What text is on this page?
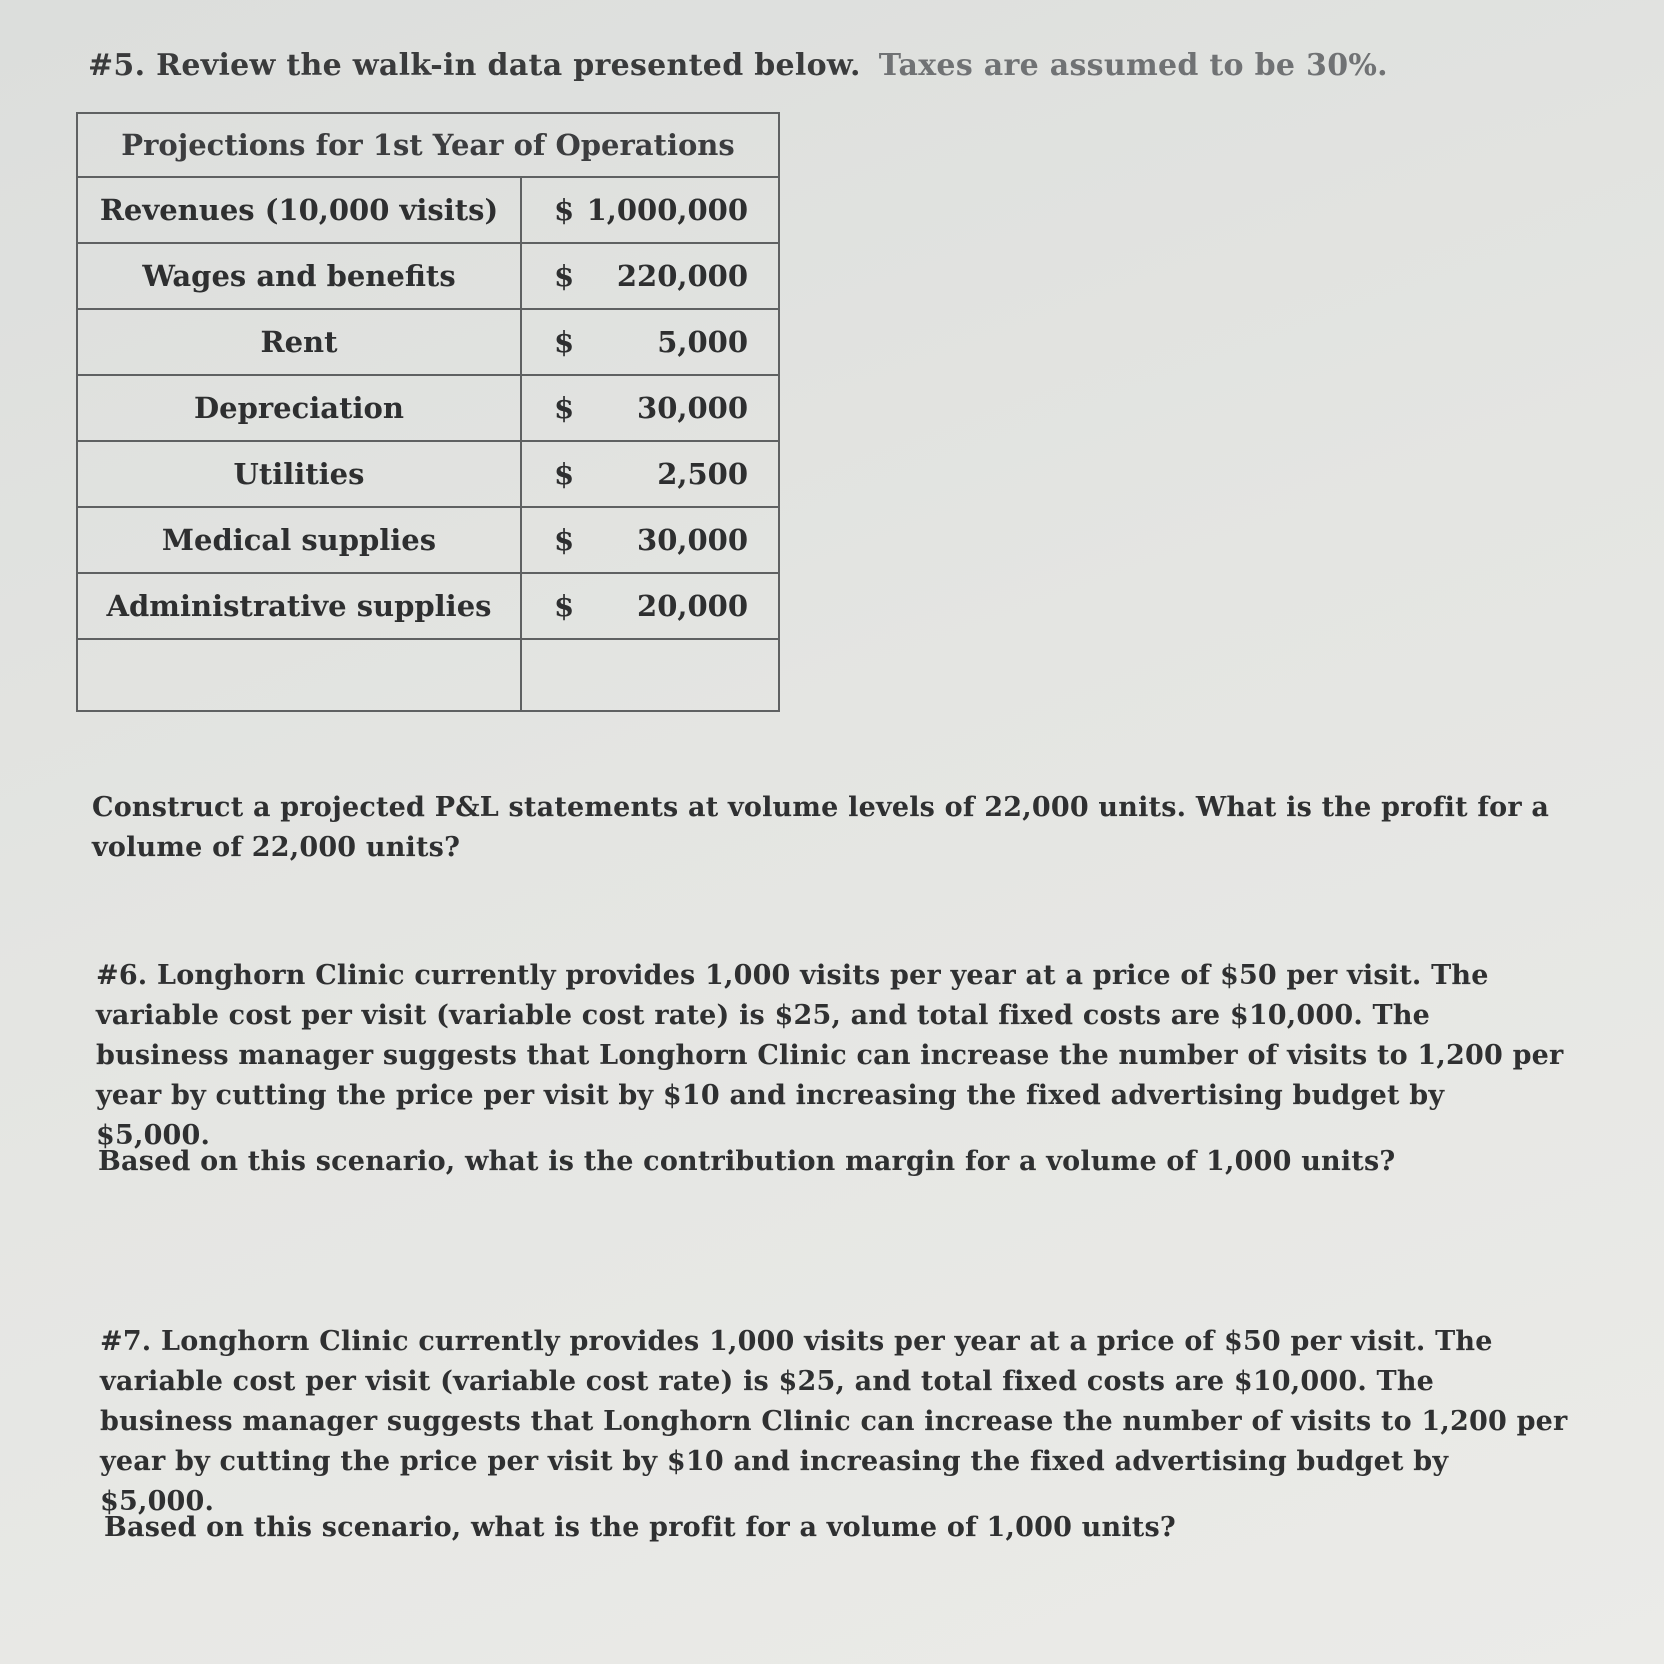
#5. Review the walk-in data presented below. Taxes are assumed to be 30%.
Projections for 1st Year of Operations	
Revenues (10,000 visits)	$ 1,000,000

Wages and benefits	$ 220,000

Rent	$ 5,000

Depreciation	$ 30,000

Utilities	$ 2,500

Medical supplies	$ 30,000

Administrative supplies	$ 20,000

Construct a projected P&L statements at volume levels of 22,000 units. What is the profit for a volume of 22,000 units?
#6. Longhorn Clinic currently provides 1,000 visits per year at a price of $50 per visit. The variable cost per visit (variable cost rate) is $25, and total fixed costs are $10,000. The business manager suggests that Longhorn Clinic can increase the number of visits to 1,200 per year by cutting the price per visit by $10 and increasing the fixed advertising budget by $5,000.
Based on this scenario, what is the contribution margin for a volume of 1,000 units?
#7. Longhorn Clinic currently provides 1,000 visits per year at a price of $50 per visit. The variable cost per visit (variable cost rate) is $25, and total fixed costs are $10,000. The business manager suggests that Longhorn Clinic can increase the number of visits to 1,200 per year by cutting the price per visit by $10 and increasing the fixed advertising budget by $5,000.
Based on this scenario, what is the profit for a volume of 1,000 units?
